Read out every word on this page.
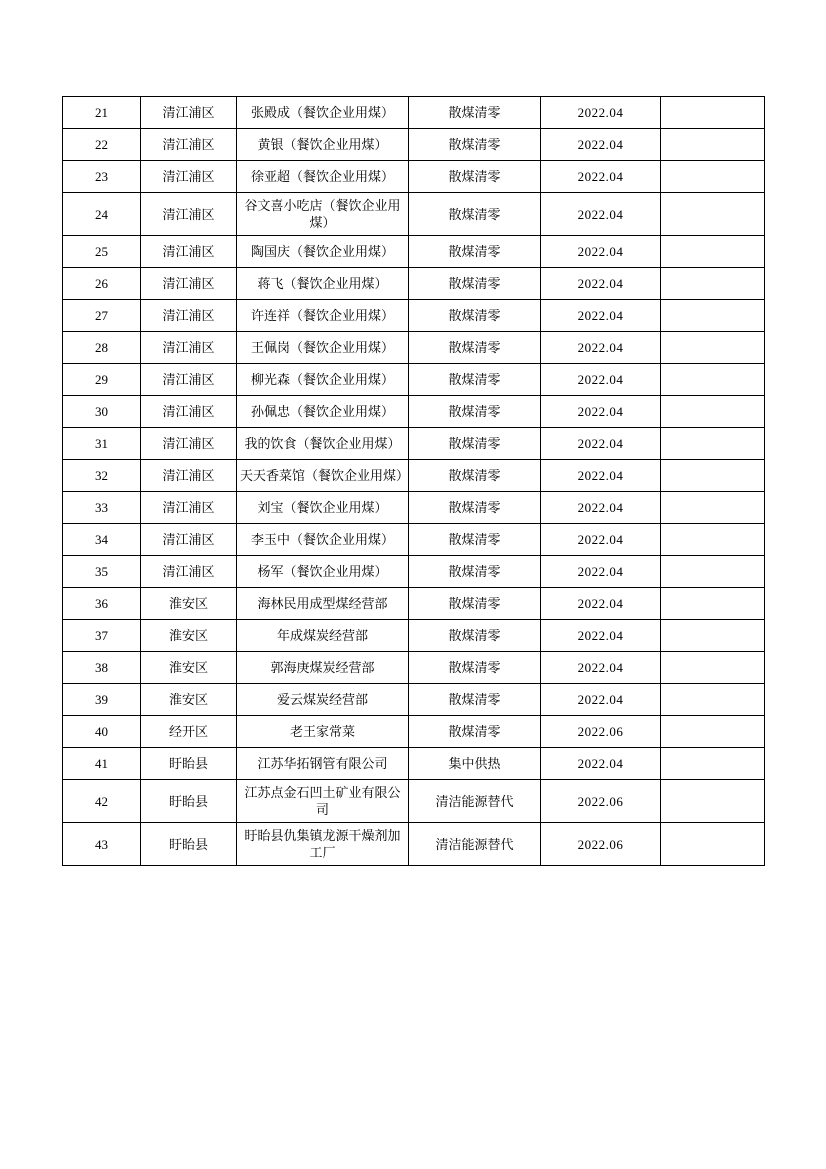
21	清江浦区	张殿成（餐饮企业用煤）	散煤清零	2022.04	
22	清江浦区	黄银（餐饮企业用煤）	散煤清零	2022.04	
23	清江浦区	徐亚超（餐饮企业用煤）	散煤清零	2022.04	
24	清江浦区	谷文喜小吃店（餐饮企业用煤）	散煤清零	2022.04	
25	清江浦区	陶国庆（餐饮企业用煤）	散煤清零	2022.04	
26	清江浦区	蒋飞（餐饮企业用煤）	散煤清零	2022.04	
27	清江浦区	许连祥（餐饮企业用煤）	散煤清零	2022.04	
28	清江浦区	王佩岗（餐饮企业用煤）	散煤清零	2022.04	
29	清江浦区	柳光森（餐饮企业用煤）	散煤清零	2022.04	
30	清江浦区	孙佩忠（餐饮企业用煤）	散煤清零	2022.04	
31	清江浦区	我的饮食（餐饮企业用煤）	散煤清零	2022.04	
32	清江浦区	天天香菜馆（餐饮企业用煤）	散煤清零	2022.04	
33	清江浦区	刘宝（餐饮企业用煤）	散煤清零	2022.04	
34	清江浦区	李玉中（餐饮企业用煤）	散煤清零	2022.04	
35	清江浦区	杨军（餐饮企业用煤）	散煤清零	2022.04	
36	淮安区	海林民用成型煤经营部	散煤清零	2022.04	
37	淮安区	年成煤炭经营部	散煤清零	2022.04	
38	淮安区	郭海庚煤炭经营部	散煤清零	2022.04	
39	淮安区	爱云煤炭经营部	散煤清零	2022.04	
40	经开区	老王家常菜	散煤清零	2022.06	
41	盱眙县	江苏华拓钢管有限公司	集中供热	2022.04	
42	盱眙县	江苏点金石凹土矿业有限公司	清洁能源替代	2022.06	
43	盱眙县	盱眙县仇集镇龙源干燥剂加工厂	清洁能源替代	2022.06	
